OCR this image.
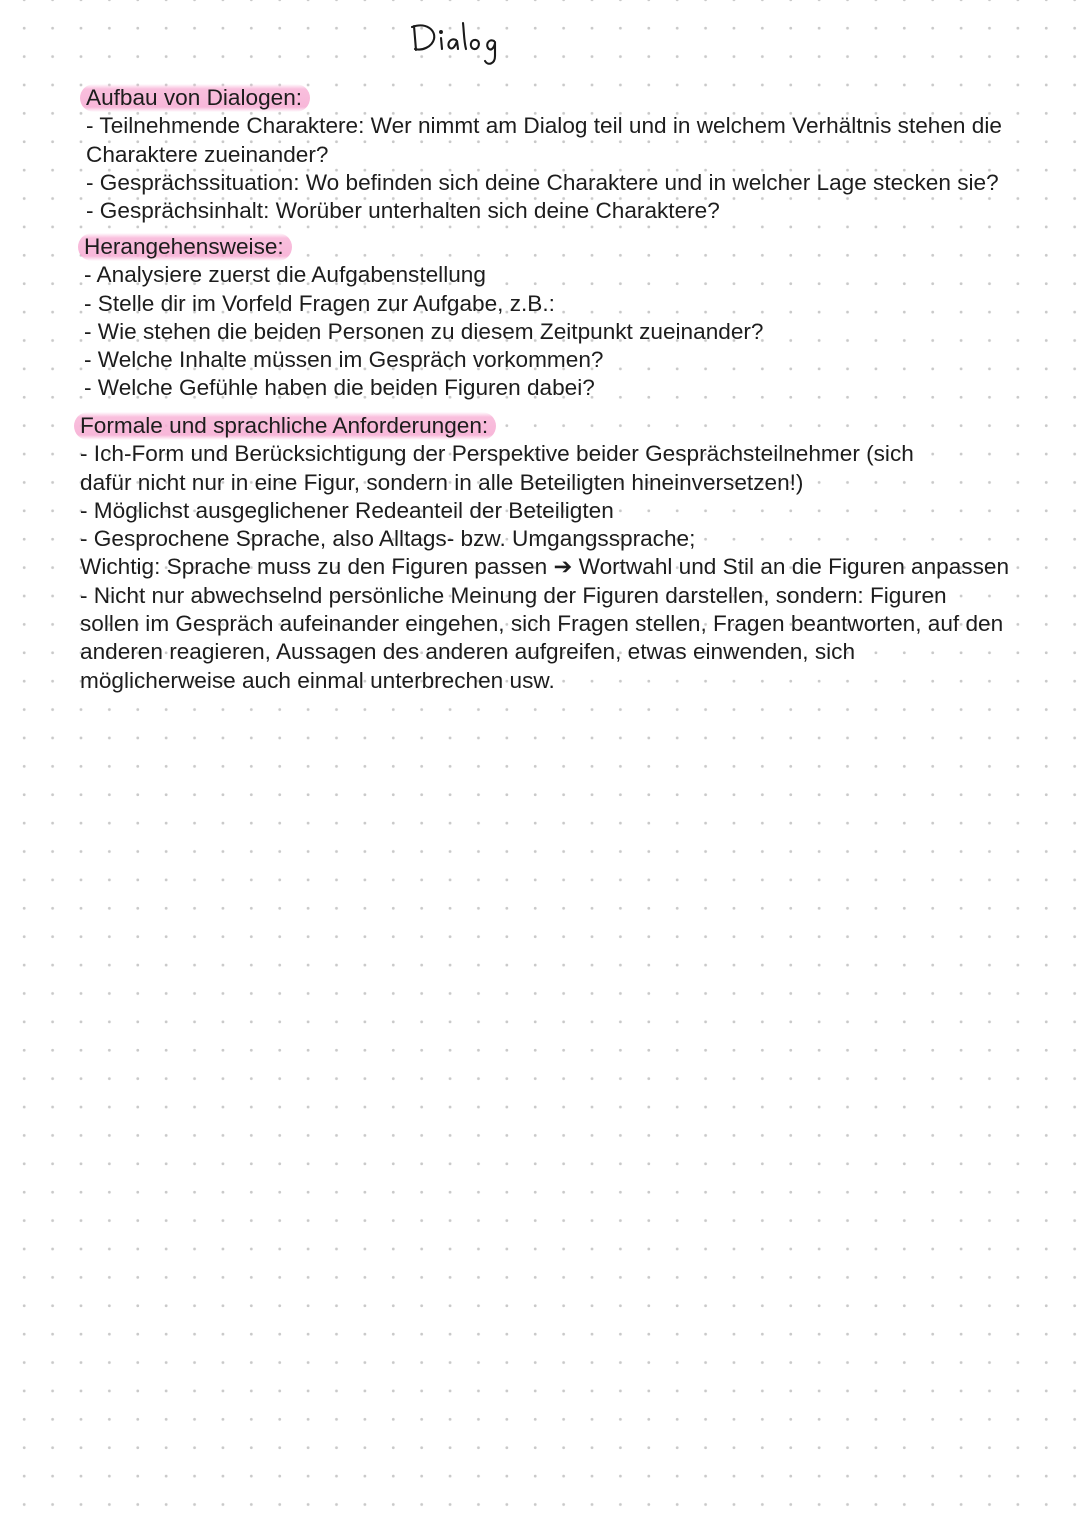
Aufbau von Dialogen:
- Teilnehmende Charaktere: Wer nimmt am Dialog teil und in welchem Verhältnis stehen die
Charaktere zueinander?
- Gesprächssituation: Wo befinden sich deine Charaktere und in welcher Lage stecken sie?
- Gesprächsinhalt: Worüber unterhalten sich deine Charaktere?
Herangehensweise:
- Analysiere zuerst die Aufgabenstellung
- Stelle dir im Vorfeld Fragen zur Aufgabe, z.B.:
- Wie stehen die beiden Personen zu diesem Zeitpunkt zueinander?
- Welche Inhalte müssen im Gespräch vorkommen?
- Welche Gefühle haben die beiden Figuren dabei?
Formale und sprachliche Anforderungen:
- Ich-Form und Berücksichtigung der Perspektive beider Gesprächsteilnehmer (sich
dafür nicht nur in eine Figur, sondern in alle Beteiligten hineinversetzen!)
- Möglichst ausgeglichener Redeanteil der Beteiligten
- Gesprochene Sprache, also Alltags- bzw. Umgangssprache;
Wichtig: Sprache muss zu den Figuren passen ➔ Wortwahl und Stil an die Figuren anpassen
- Nicht nur abwechselnd persönliche Meinung der Figuren darstellen, sondern: Figuren
sollen im Gespräch aufeinander eingehen, sich Fragen stellen, Fragen beantworten, auf den
anderen reagieren, Aussagen des anderen aufgreifen, etwas einwenden, sich
möglicherweise auch einmal unterbrechen usw.
